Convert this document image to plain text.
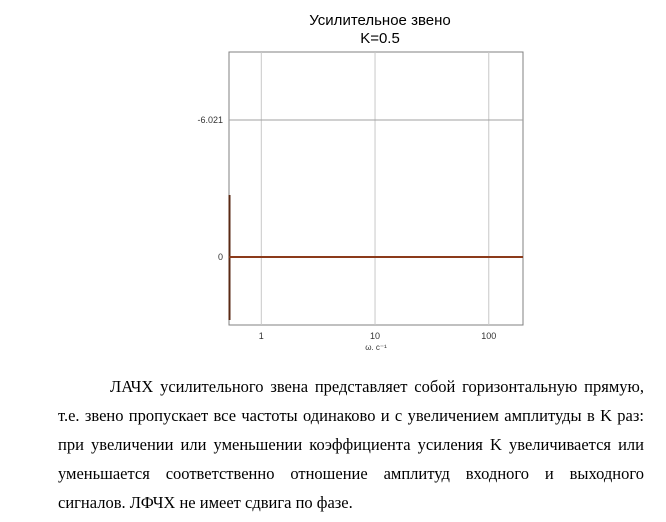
Усилительное звено
K=0.5
1	10	100
-6.021
0
ω, c⁻¹
ЛАЧХ усилительного звена представляет собой горизонтальную прямую,
т.е. звено пропускает все частоты одинаково и с увеличением амплитуды в K раз:
при увеличении или уменьшении коэффициента усиления K увеличивается или
уменьшается соответственно отношение амплитуд входного и выходного
сигналов. ЛФЧХ не имеет сдвига по фазе.
